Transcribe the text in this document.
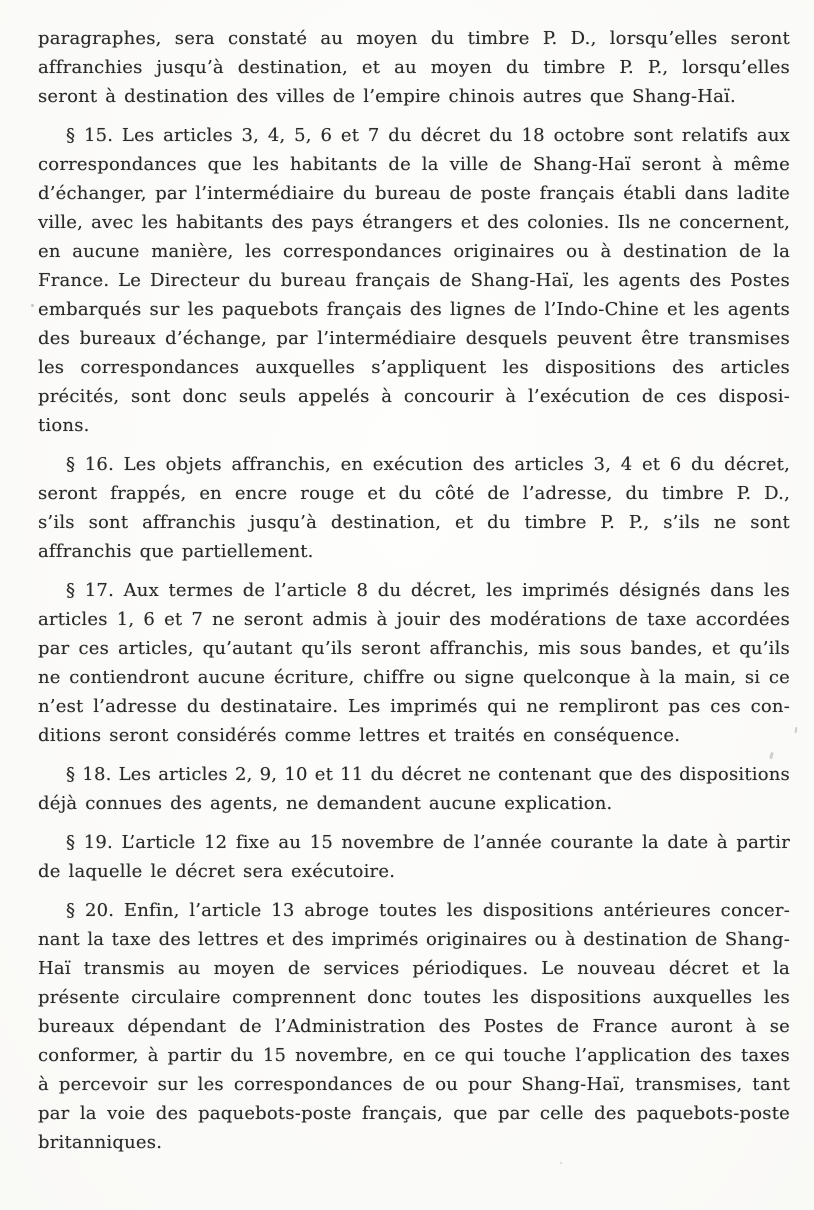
paragraphes, sera constaté au moyen du timbre P. D., lorsqu’elles seront
affranchies jusqu’à destination, et au moyen du timbre P. P., lorsqu’elles
seront à destination des villes de l’empire chinois autres que Shang-Haï.
§ 15. Les articles 3, 4, 5, 6 et 7 du décret du 18 octobre sont relatifs aux
correspondances que les habitants de la ville de Shang-Haï seront à même
d’échanger, par l’intermédiaire du bureau de poste français établi dans ladite
ville, avec les habitants des pays étrangers et des colonies. Ils ne concernent,
en aucune manière, les correspondances originaires ou à destination de la
France. Le Directeur du bureau français de Shang-Haï, les agents des Postes
embarqués sur les paquebots français des lignes de l’Indo-Chine et les agents
des bureaux d’échange, par l’intermédiaire desquels peuvent être transmises
les correspondances auxquelles s’appliquent les dispositions des articles
précités, sont donc seuls appelés à concourir à l’exécution de ces disposi-
tions.
§ 16. Les objets affranchis, en exécution des articles 3, 4 et 6 du décret,
seront frappés, en encre rouge et du côté de l’adresse, du timbre P. D.,
s’ils sont affranchis jusqu’à destination, et du timbre P. P., s’ils ne sont
affranchis que partiellement.
§ 17. Aux termes de l’article 8 du décret, les imprimés désignés dans les
articles 1, 6 et 7 ne seront admis à jouir des modérations de taxe accordées
par ces articles, qu’autant qu’ils seront affranchis, mis sous bandes, et qu’ils
ne contiendront aucune écriture, chiffre ou signe quelconque à la main, si ce
n’est l’adresse du destinataire. Les imprimés qui ne rempliront pas ces con-
ditions seront considérés comme lettres et traités en conséquence.
§ 18. Les articles 2, 9, 10 et 11 du décret ne contenant que des dispositions
déjà connues des agents, ne demandent aucune explication.
§ 19. L’article 12 fixe au 15 novembre de l’année courante la date à partir
de laquelle le décret sera exécutoire.
§ 20. Enfin, l’article 13 abroge toutes les dispositions antérieures concer-
nant la taxe des lettres et des imprimés originaires ou à destination de Shang-
Haï transmis au moyen de services périodiques. Le nouveau décret et la
présente circulaire comprennent donc toutes les dispositions auxquelles les
bureaux dépendant de l’Administration des Postes de France auront à se
conformer, à partir du 15 novembre, en ce qui touche l’application des taxes
à percevoir sur les correspondances de ou pour Shang-Haï, transmises, tant
par la voie des paquebots-poste français, que par celle des paquebots-poste
britanniques.
